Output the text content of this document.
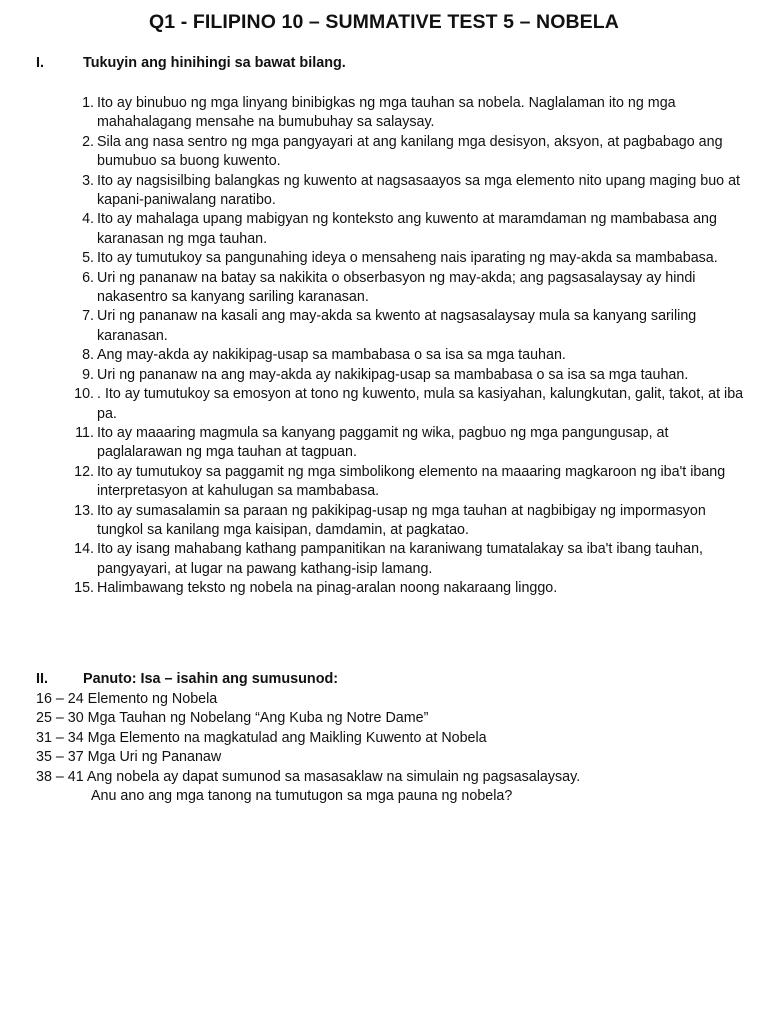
Q1 - FILIPINO 10 – SUMMATIVE TEST 5 – NOBELA
I.	Tukuyin ang hinihingi sa bawat bilang.
1. Ito ay binubuo ng mga linyang binibigkas ng mga tauhan sa nobela. Naglalaman ito ng mga mahahalagang mensahe na bumubuhay sa salaysay.
2. Sila ang nasa sentro ng mga pangyayari at ang kanilang mga desisyon, aksyon, at pagbabago ang bumubuo sa buong kuwento.
3. Ito ay nagsisilbing balangkas ng kuwento at nagsasaayos sa mga elemento nito upang maging buo at kapani-paniwalang naratibo.
4. Ito ay mahalaga upang mabigyan ng konteksto ang kuwento at maramdaman ng mambabasa ang karanasan ng mga tauhan.
5. Ito ay tumutukoy sa pangunahing ideya o mensaheng nais iparating ng may-akda sa mambabasa.
6. Uri ng pananaw na batay sa nakikita o obserbasyon ng may-akda; ang pagsasalaysay ay hindi nakasentro sa kanyang sariling karanasan.
7. Uri ng pananaw na kasali ang may-akda sa kwento at nagsasalaysay mula sa kanyang sariling karanasan.
8. Ang may-akda ay nakikipag-usap sa mambabasa o sa isa sa mga tauhan.
9. Uri ng pananaw na ang may-akda ay nakikipag-usap sa mambabasa o sa isa sa mga tauhan.
10. . Ito ay tumutukoy sa emosyon at tono ng kuwento, mula sa kasiyahan, kalungkutan, galit, takot, at iba pa.
11. Ito ay maaaring magmula sa kanyang paggamit ng wika, pagbuo ng mga pangungusap, at paglalarawan ng mga tauhan at tagpuan.
12. Ito ay tumutukoy sa paggamit ng mga simbolikong elemento na maaaring magkaroon ng iba't ibang interpretasyon at kahulugan sa mambabasa.
13. Ito ay sumasalamin sa paraan ng pakikipag-usap ng mga tauhan at nagbibigay ng impormasyon tungkol sa kanilang mga kaisipan, damdamin, at pagkatao.
14. Ito ay isang mahabang kathang pampanitikan na karaniwang tumatalakay sa iba't ibang tauhan, pangyayari, at lugar na pawang kathang-isip lamang.
15. Halimbawang teksto ng nobela na pinag-aralan noong nakaraang linggo.
II. Panuto: Isa – isahin ang sumusunod:
16 – 24 Elemento ng Nobela
25 – 30 Mga Tauhan ng Nobelang “Ang Kuba ng Notre Dame”
31 – 34 Mga Elemento na magkatulad ang Maikling Kuwento at Nobela
35 – 37 Mga Uri ng Pananaw
38 – 41 Ang nobela ay dapat sumunod sa masasaklaw na simulain ng pagsasalaysay.
Anu ano ang mga tanong na tumutugon sa mga pauna ng nobela?
